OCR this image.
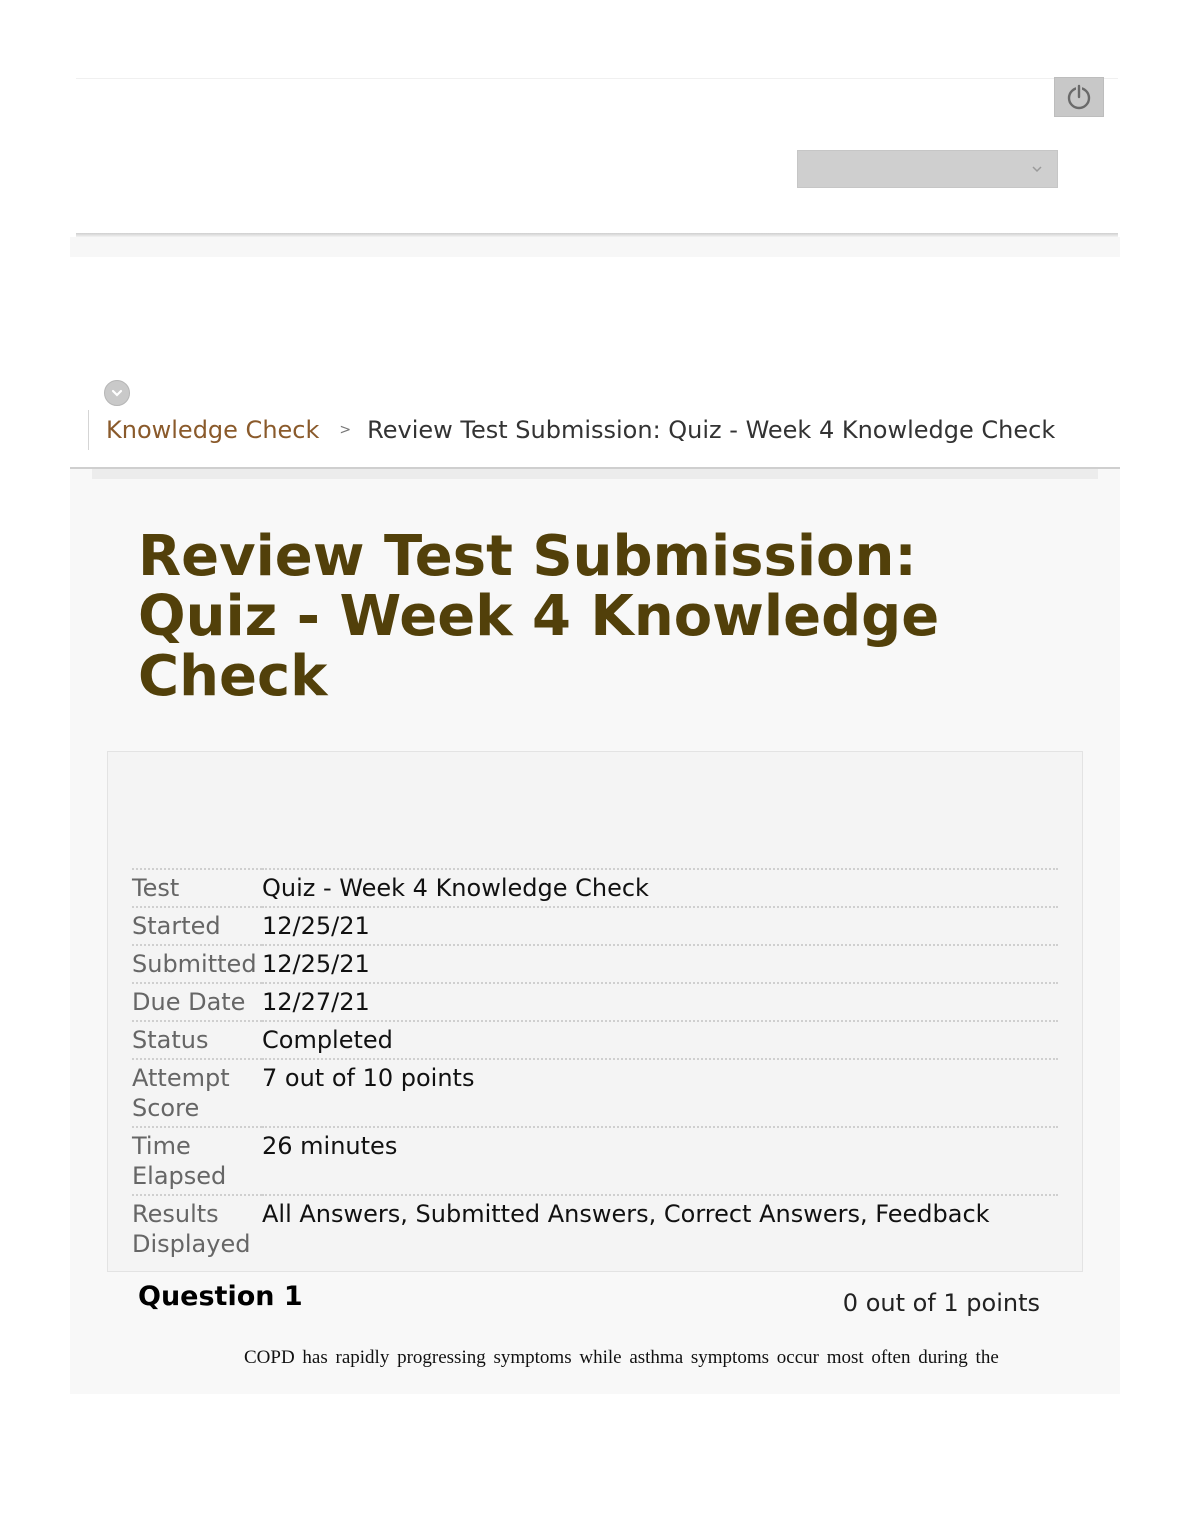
Knowledge Check > Review Test Submission: Quiz - Week 4 Knowledge Check
Review Test Submission: Quiz - Week 4 Knowledge Check
Test	Quiz - Week 4 Knowledge Check
Started	12/25/21
Submitted	12/25/21
Due Date	12/27/21
Status	Completed
Attempt Score	7 out of 10 points
Time Elapsed	26 minutes
Results Displayed	All Answers, Submitted Answers, Correct Answers, Feedback
Question 1	0 out of 1 points
COPD has rapidly progressing symptoms while asthma symptoms occur most often during the
